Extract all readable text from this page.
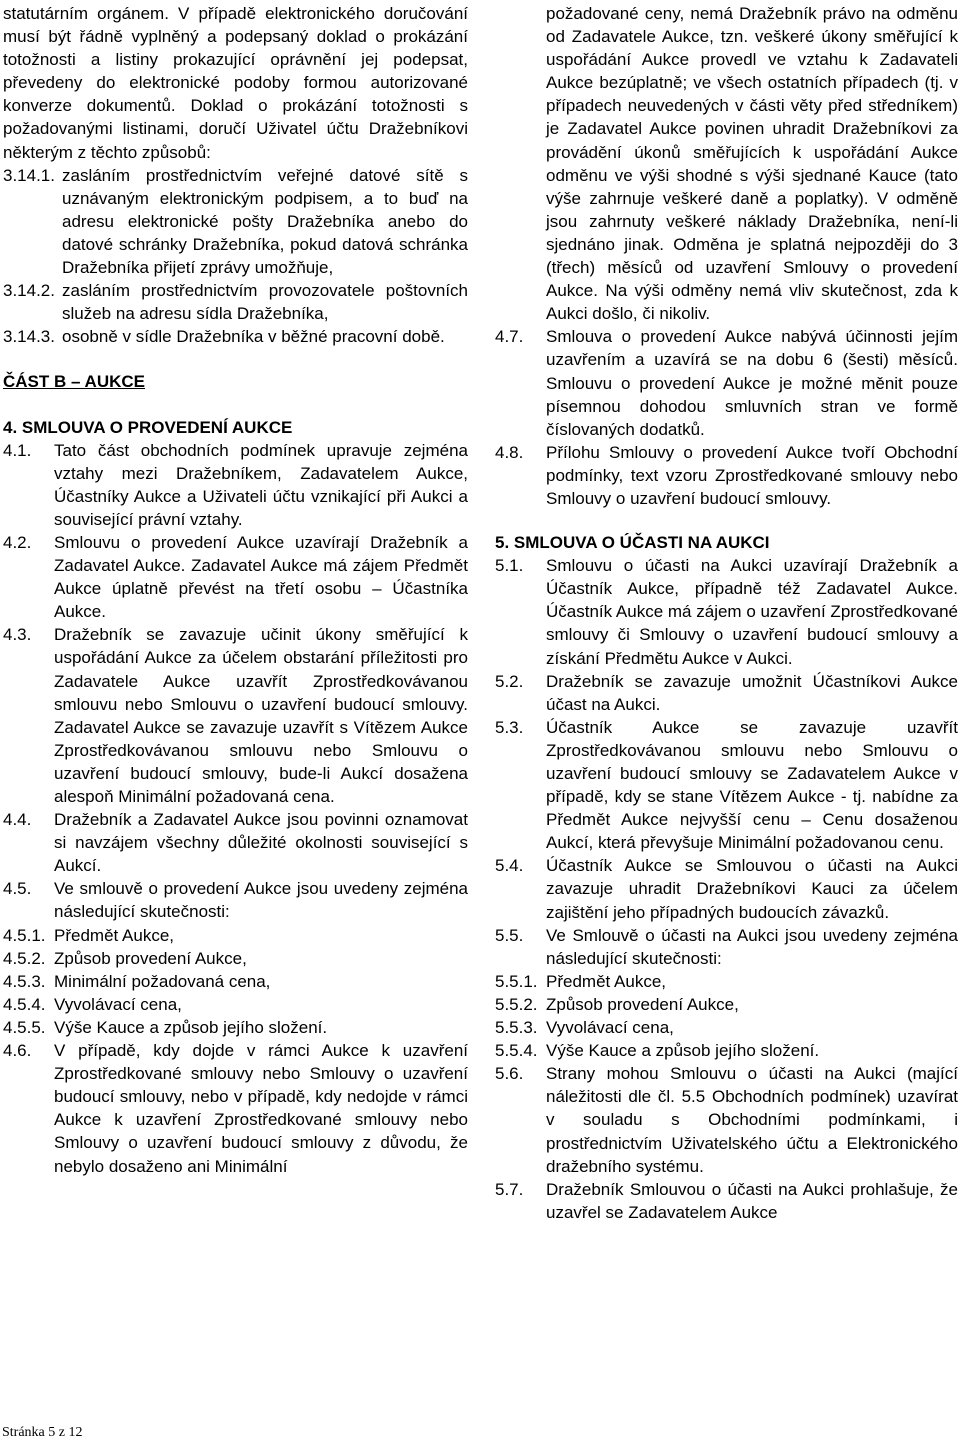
statutárním orgánem. V případě elektronického doručování musí být řádně vyplněný a podepsaný doklad o prokázání totožnosti a listiny prokazující oprávnění jej podepsat, převedeny do elektronické podoby formou autorizované konverze dokumentů. Doklad o prokázání totožnosti s požadovanými listinami, doručí Uživatel účtu Dražebníkovi některým z těchto způsobů:
3.14.1. zasláním prostřednictvím veřejné datové sítě s uznávaným elektronickým podpisem, a to buď na adresu elektronické pošty Dražebníka anebo do datové schránky Dražebníka, pokud datová schránka Dražebníka přijetí zprávy umožňuje,
3.14.2. zasláním prostřednictvím provozovatele poštovních služeb na adresu sídla Dražebníka,
3.14.3. osobně v sídle Dražebníka v běžné pracovní době.
ČÁST B – AUKCE
4. SMLOUVA O PROVEDENÍ AUKCE
4.1.	Tato část obchodních podmínek upravuje zejména vztahy mezi Dražebníkem, Zadavatelem Aukce, Účastníky Aukce a Uživateli účtu vznikající při Aukci a související právní vztahy.
4.2.	Smlouvu o provedení Aukce uzavírají Dražebník a Zadavatel Aukce. Zadavatel Aukce má zájem Předmět Aukce úplatně převést na třetí osobu – Účastníka Aukce.
4.3.	Dražebník se zavazuje učinit úkony směřující k uspořádání Aukce za účelem obstarání příležitosti pro Zadavatele Aukce uzavřít Zprostředkovávanou smlouvu nebo Smlouvu o uzavření budoucí smlouvy. Zadavatel Aukce se zavazuje uzavřít s Vítězem Aukce Zprostředkovávanou smlouvu nebo Smlouvu o uzavření budoucí smlouvy, bude-li Aukcí dosažena alespoň Minimální požadovaná cena.
4.4.	Dražebník a Zadavatel Aukce jsou povinni oznamovat si navzájem všechny důležité okolnosti související s Aukcí.
4.5.	Ve smlouvě o provedení Aukce jsou uvedeny zejména následující skutečnosti:
4.5.1. Předmět Aukce,
4.5.2. Způsob provedení Aukce,
4.5.3. Minimální požadovaná cena,
4.5.4. Vyvolávací cena,
4.5.5. Výše Kauce a způsob jejího složení.
4.6.	V případě, kdy dojde v rámci Aukce k uzavření Zprostředkované smlouvy nebo Smlouvy o uzavření budoucí smlouvy, nebo v případě, kdy nedojde v rámci Aukce k uzavření Zprostředkované smlouvy nebo Smlouvy o uzavření budoucí smlouvy z důvodu, že nebylo dosaženo ani Minimální
požadované ceny, nemá Dražebník právo na odměnu od Zadavatele Aukce, tzn. veškeré úkony směřující k uspořádání Aukce provedl ve vztahu k Zadavateli Aukce bezúplatně; ve všech ostatních případech (tj. v případech neuvedených v části věty před středníkem) je Zadavatel Aukce povinen uhradit Dražebníkovi za provádění úkonů směřujících k uspořádání Aukce odměnu ve výši shodné s výši sjednané Kauce (tato výše zahrnuje veškeré daně a poplatky). V odměně jsou zahrnuty veškeré náklady Dražebníka, není-li sjednáno jinak. Odměna je splatná nejpozději do 3 (třech) měsíců od uzavření Smlouvy o provedení Aukce. Na výši odměny nemá vliv skutečnost, zda k Aukci došlo, či nikoliv.
4.7.	Smlouva o provedení Aukce nabývá účinnosti jejím uzavřením a uzavírá se na dobu 6 (šesti) měsíců. Smlouvu o provedení Aukce je možné měnit pouze písemnou dohodou smluvních stran ve formě číslovaných dodatků.
4.8.	Přílohu Smlouvy o provedení Aukce tvoří Obchodní podmínky, text vzoru Zprostředkované smlouvy nebo Smlouvy o uzavření budoucí smlouvy.
5. SMLOUVA O ÚČASTI NA AUKCI
5.1.	Smlouvu o účasti na Aukci uzavírají Dražebník a Účastník Aukce, případně též Zadavatel Aukce. Účastník Aukce má zájem o uzavření Zprostředkované smlouvy či Smlouvy o uzavření budoucí smlouvy a získání Předmětu Aukce v Aukci.
5.2.	Dražebník se zavazuje umožnit Účastníkovi Aukce účast na Aukci.
5.3.	Účastník Aukce se zavazuje uzavřít Zprostředkovávanou smlouvu nebo Smlouvu o uzavření budoucí smlouvy se Zadavatelem Aukce v případě, kdy se stane Vítězem Aukce - tj. nabídne za Předmět Aukce nejvyšší cenu – Cenu dosaženou Aukcí, která převyšuje Minimální požadovanou cenu.
5.4.	Účastník Aukce se Smlouvou o účasti na Aukci zavazuje uhradit Dražebníkovi Kauci za účelem zajištění jeho případných budoucích závazků.
5.5.	Ve Smlouvě o účasti na Aukci jsou uvedeny zejména následující skutečnosti:
5.5.1. Předmět Aukce,
5.5.2. Způsob provedení Aukce,
5.5.3. Vyvolávací cena,
5.5.4. Výše Kauce a způsob jejího složení.
5.6.	Strany mohou Smlouvu o účasti na Aukci (mající náležitosti dle čl. 5.5 Obchodních podmínek) uzavírat v souladu s Obchodními podmínkami, i prostřednictvím Uživatelského účtu a Elektronického dražebního systému.
5.7.	Dražebník Smlouvou o účasti na Aukci prohlašuje, že uzavřel se Zadavatelem Aukce
Stránka 5 z 12
